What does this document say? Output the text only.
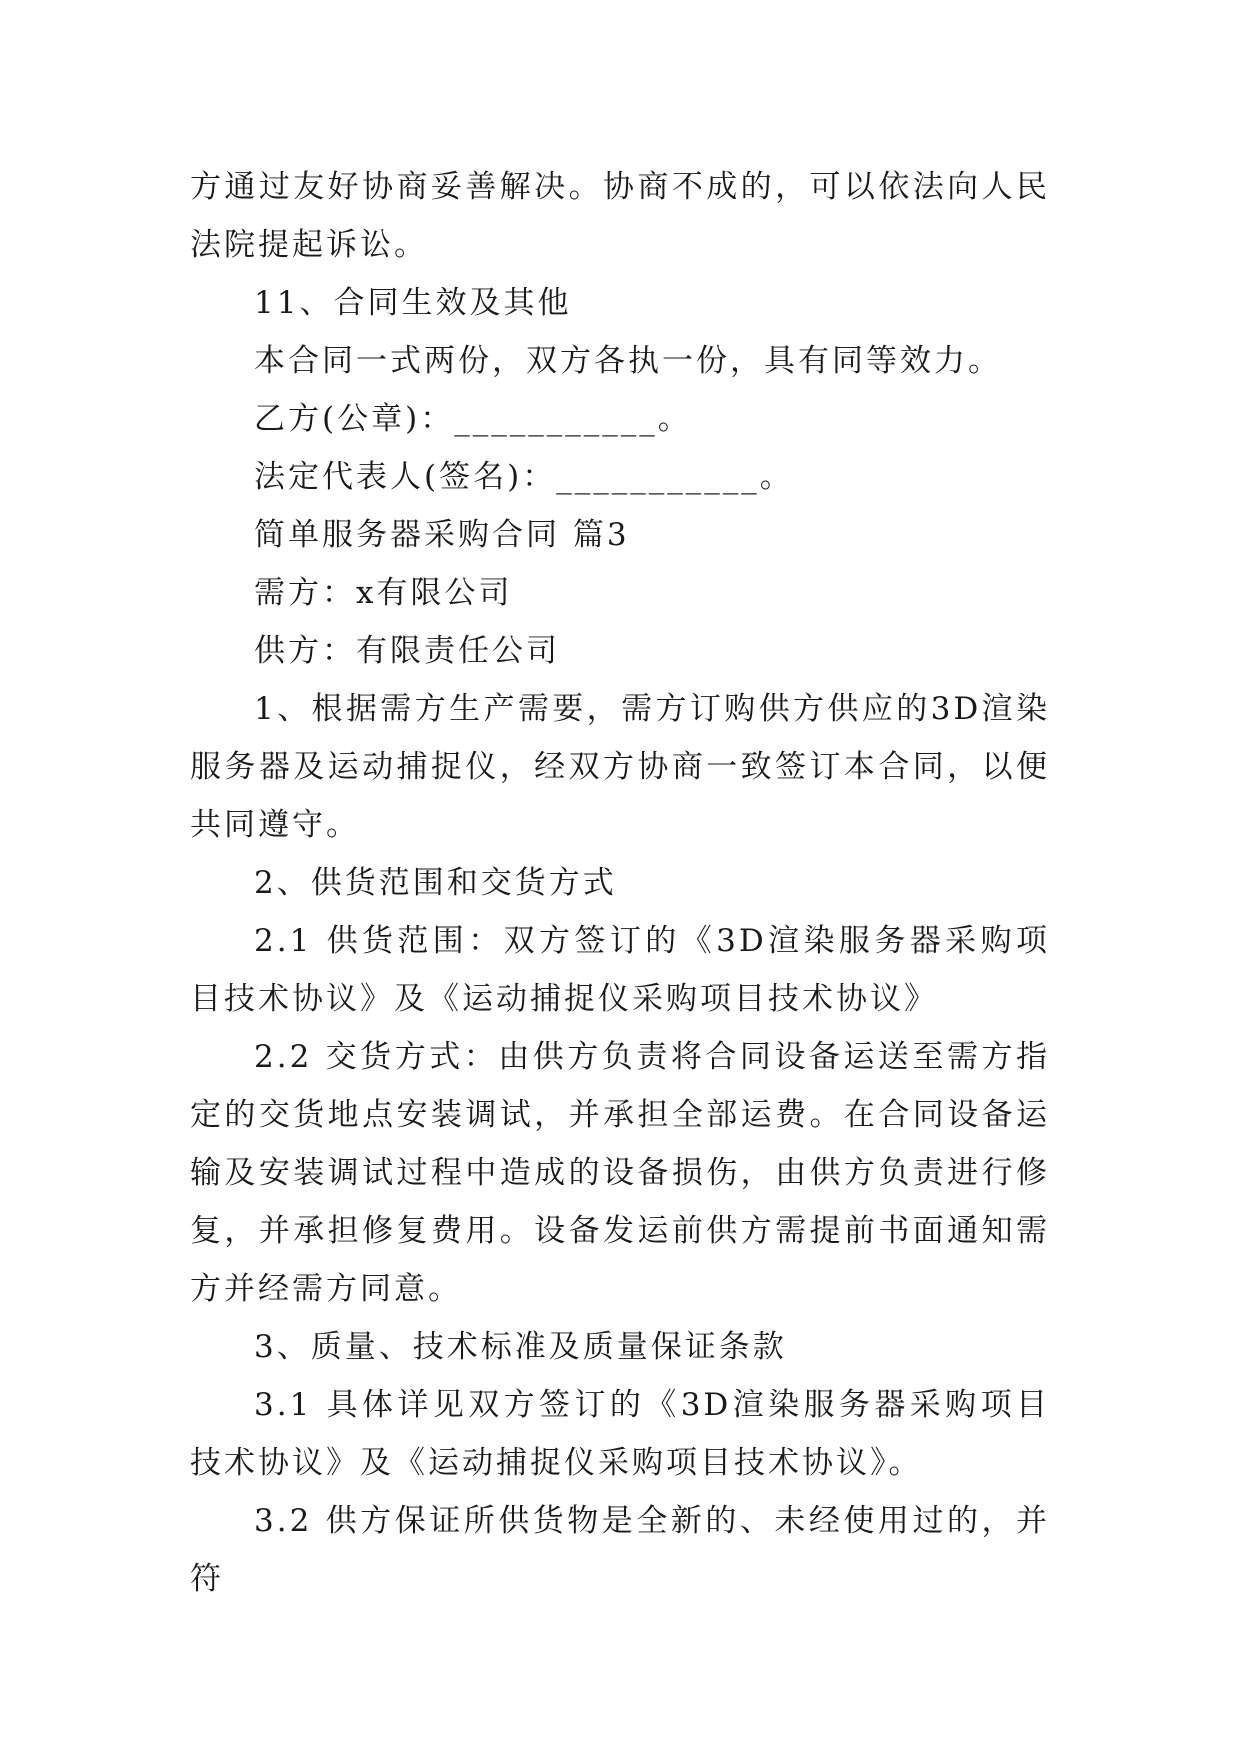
方通过友好协商妥善解决。协商不成的，可以依法向人民法院提起诉讼。

11、合同生效及其他

本合同一式两份，双方各执一份，具有同等效力。

乙方(公章)：___________。

法定代表人(签名)：___________。

简单服务器采购合同 篇3

需方：x有限公司

供方：有限责任公司

1、根据需方生产需要，需方订购供方供应的3D渲染服务器及运动捕捉仪，经双方协商一致签订本合同，以便共同遵守。

2、供货范围和交货方式

2.1 供货范围：双方签订的《3D渲染服务器采购项目技术协议》及《运动捕捉仪采购项目技术协议》

2.2 交货方式：由供方负责将合同设备运送至需方指定的交货地点安装调试，并承担全部运费。在合同设备运输及安装调试过程中造成的设备损伤，由供方负责进行修复，并承担修复费用。设备发运前供方需提前书面通知需方并经需方同意。

3、质量、技术标准及质量保证条款

3.1 具体详见双方签订的《3D渲染服务器采购项目技术协议》及《运动捕捉仪采购项目技术协议》。

3.2 供方保证所供货物是全新的、未经使用过的，并符
